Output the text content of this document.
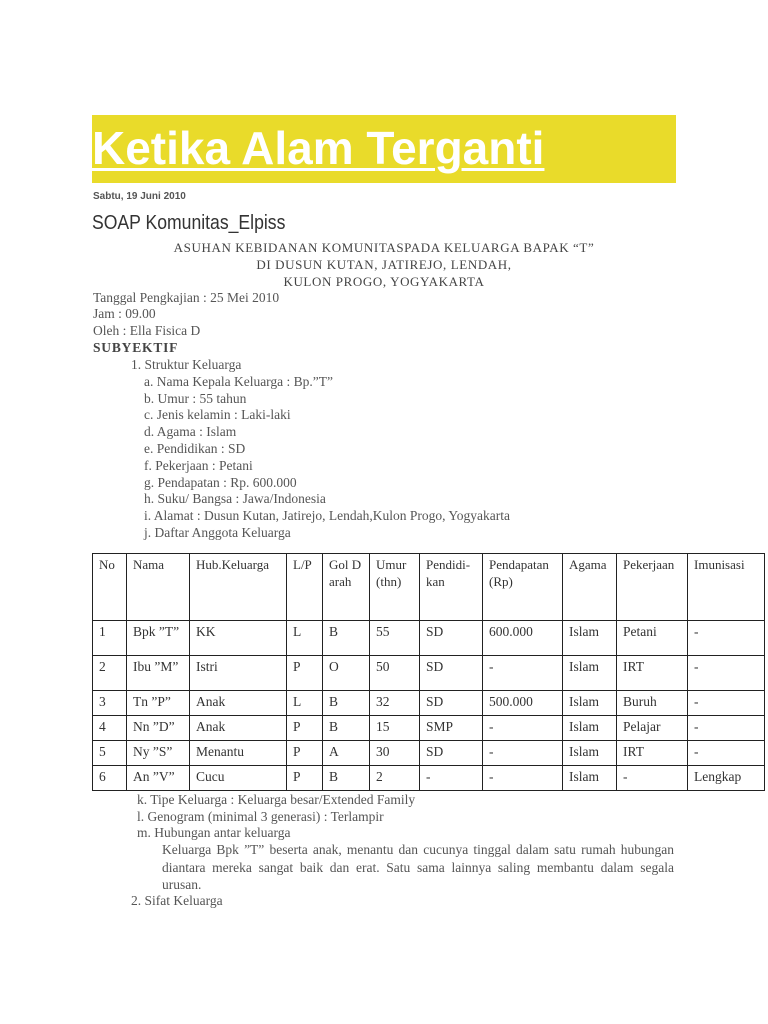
Ketika Alam Terganti
Sabtu, 19 Juni 2010
SOAP Komunitas_Elpiss
ASUHAN KEBIDANAN KOMUNITASPADA KELUARGA BAPAK “T”
DI DUSUN KUTAN, JATIREJO, LENDAH,
KULON PROGO, YOGYAKARTA
Tanggal Pengkajian : 25 Mei 2010
Jam : 09.00
Oleh : Ella Fisica D
SUBYEKTIF
1. Struktur Keluarga
a. Nama Kepala Keluarga : Bp.”T”
b. Umur : 55 tahun
c. Jenis kelamin : Laki-laki
d. Agama : Islam
e. Pendidikan : SD
f. Pekerjaan : Petani
g. Pendapatan : Rp. 600.000
h. Suku/ Bangsa : Jawa/Indonesia
i. Alamat : Dusun Kutan, Jatirejo, Lendah,Kulon Progo, Yogyakarta
j. Daftar Anggota Keluarga
No	Nama	Hub.Keluarga	L/P	Gol Darah	Umur (thn)	Pendidi-kan	Pendapatan (Rp)	Agama	Pekerjaan	Imunisasi
1	Bpk ”T”	KK	L	B	55	SD	600.000	Islam	Petani	-
2	Ibu ”M”	Istri	P	O	50	SD	-	Islam	IRT	-
3	Tn ”P”	Anak	L	B	32	SD	500.000	Islam	Buruh	-
4	Nn ”D”	Anak	P	B	15	SMP	-	Islam	Pelajar	-
5	Ny ”S”	Menantu	P	A	30	SD	-	Islam	IRT	-
6	An ”V”	Cucu	P	B	2	-	-	Islam	-	Lengkap
k. Tipe Keluarga : Keluarga besar/Extended Family
l. Genogram (minimal 3 generasi) : Terlampir
m. Hubungan antar keluarga
Keluarga Bpk ”T” beserta anak, menantu dan cucunya tinggal dalam satu rumah hubungan diantara mereka sangat baik dan erat. Satu sama lainnya saling membantu dalam segala urusan.
2. Sifat Keluarga
